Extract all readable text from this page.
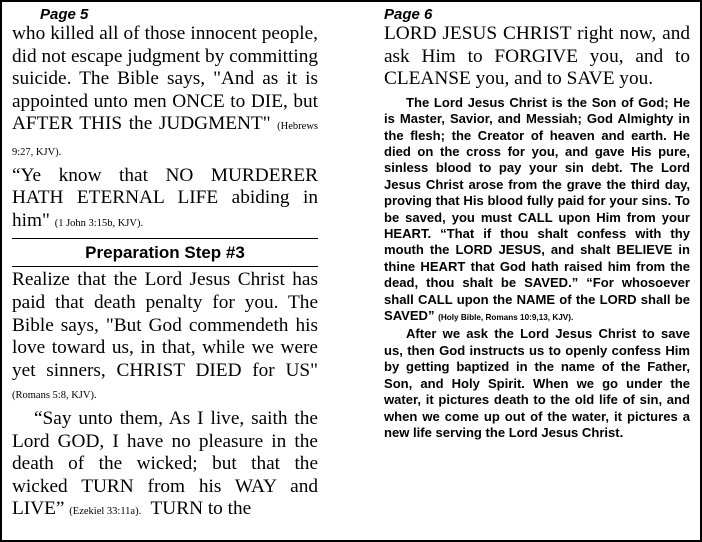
Page 5

who killed all of those innocent people, did not escape judgment by committing suicide. The Bible says, "And as it is appointed unto men ONCE to DIE, but AFTER THIS the JUDGMENT" (Hebrews 9:27, KJV).

“Ye know that NO MURDERER HATH ETERNAL LIFE abiding in him" (1 John 3:15b, KJV).

Preparation Step #3

Realize that the Lord Jesus Christ has paid that death penalty for you. The Bible says, "But God commendeth his love toward us, in that, while we were yet sinners, CHRIST DIED for US" (Romans 5:8, KJV).

“Say unto them, As I live, saith the Lord GOD, I have no pleasure in the death of the wicked; but that the wicked TURN from his WAY and LIVE” (Ezekiel 33:11a). TURN to the

Page 6

LORD JESUS CHRIST right now, and ask Him to FORGIVE you, and to CLEANSE you, and to SAVE you.

The Lord Jesus Christ is the Son of God; He is Master, Savior, and Messiah; God Almighty in the flesh; the Creator of heaven and earth. He died on the cross for you, and gave His pure, sinless blood to pay your sin debt. The Lord Jesus Christ arose from the grave the third day, proving that His blood fully paid for your sins. To be saved, you must CALL upon Him from your HEART. “That if thou shalt confess with thy mouth the LORD JESUS, and shalt BELIEVE in thine HEART that God hath raised him from the dead, thou shalt be SAVED.” “For whosoever shall CALL upon the NAME of the LORD shall be SAVED” (Holy Bible, Romans 10:9,13, KJV).

After we ask the Lord Jesus Christ to save us, then God instructs us to openly confess Him by getting baptized in the name of the Father, Son, and Holy Spirit. When we go under the water, it pictures death to the old life of sin, and when we come up out of the water, it pictures a new life serving the Lord Jesus Christ.
